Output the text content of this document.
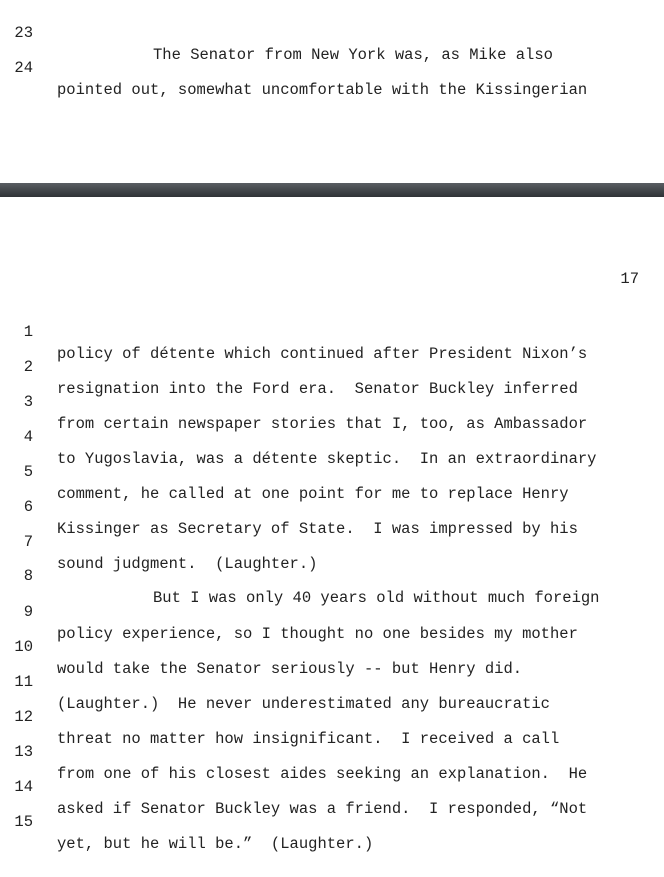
23

The Senator from New York was, as Mike also

24

pointed out, somewhat uncomfortable with the Kissingerian

17

1

policy of détente which continued after President Nixon’s

2

resignation into the Ford era.  Senator Buckley inferred

3

from certain newspaper stories that I, too, as Ambassador

4

to Yugoslavia, was a détente skeptic.  In an extraordinary

5

comment, he called at one point for me to replace Henry

6

Kissinger as Secretary of State.  I was impressed by his

7

sound judgment.  (Laughter.)

8

But I was only 40 years old without much foreign

9

policy experience, so I thought no one besides my mother

10

would take the Senator seriously -- but Henry did.

11

(Laughter.)  He never underestimated any bureaucratic

12

threat no matter how insignificant.  I received a call

13

from one of his closest aides seeking an explanation.  He

14

asked if Senator Buckley was a friend.  I responded, “Not

15

yet, but he will be.”  (Laughter.)
